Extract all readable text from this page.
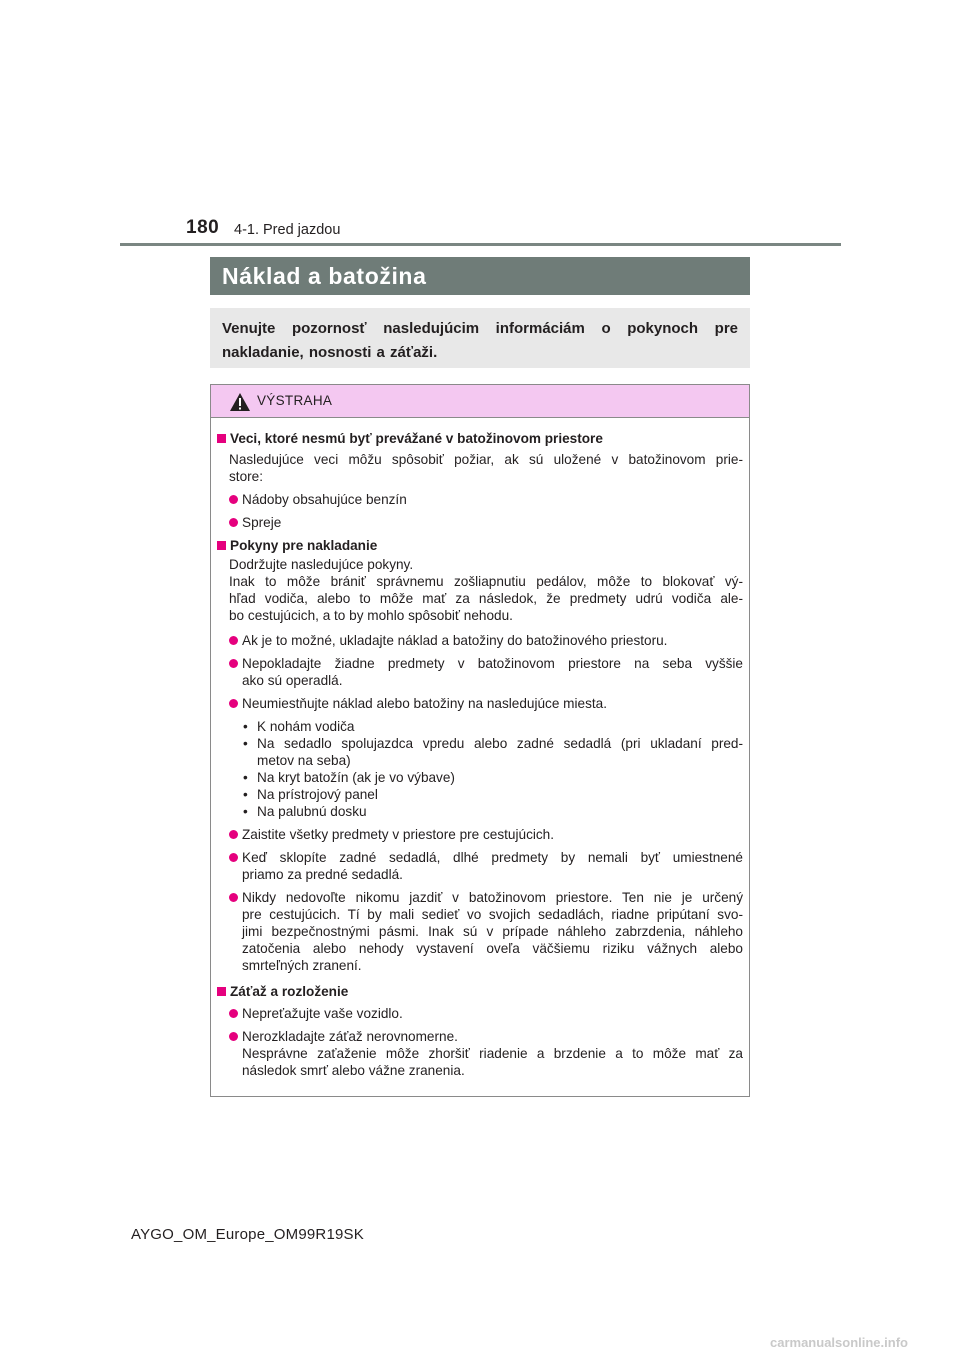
180 4-1. Pred jazdou
Náklad a batožina
Venujte pozornosť nasledujúcim informáciám o pokynoch pre
nakladanie, nosnosti a záťaži.
VÝSTRAHA
Veci, ktoré nesmú byť prevážané v batožinovom priestore
Nasledujúce veci môžu spôsobiť požiar, ak sú uložené v batožinovom prie-
store:
Nádoby obsahujúce benzín
Spreje
Pokyny pre nakladanie
Dodržujte nasledujúce pokyny.
Inak to môže brániť správnemu zošliapnutiu pedálov, môže to blokovať vý-
hľad vodiča, alebo to môže mať za následok, že predmety udrú vodiča ale-
bo cestujúcich, a to by mohlo spôsobiť nehodu.
Ak je to možné, ukladajte náklad a batožiny do batožinového priestoru.
Nepokladajte žiadne predmety v batožinovom priestore na seba vyššie
ako sú operadlá.
Neumiestňujte náklad alebo batožiny na nasledujúce miesta.
• K nohám vodiča
• Na sedadlo spolujazdca vpredu alebo zadné sedadlá (pri ukladaní pred-
metov na seba)
• Na kryt batožín (ak je vo výbave)
• Na prístrojový panel
• Na palubnú dosku
Zaistite všetky predmety v priestore pre cestujúcich.
Keď sklopíte zadné sedadlá, dlhé predmety by nemali byť umiestnené
priamo za predné sedadlá.
Nikdy nedovoľte nikomu jazdiť v batožinovom priestore. Ten nie je určený
pre cestujúcich. Tí by mali sedieť vo svojich sedadlách, riadne pripútaní svo-
jimi bezpečnostnými pásmi. Inak sú v prípade náhleho zabrzdenia, náhleho
zatočenia alebo nehody vystavení oveľa väčšiemu riziku vážnych alebo
smrteľných zranení.
Záťaž a rozloženie
Nepreťažujte vaše vozidlo.
Nerozkladajte záťaž nerovnomerne.
Nesprávne zaťaženie môže zhoršiť riadenie a brzdenie a to môže mať za
následok smrť alebo vážne zranenia.
AYGO_OM_Europe_OM99R19SK
carmanualsonline.info
